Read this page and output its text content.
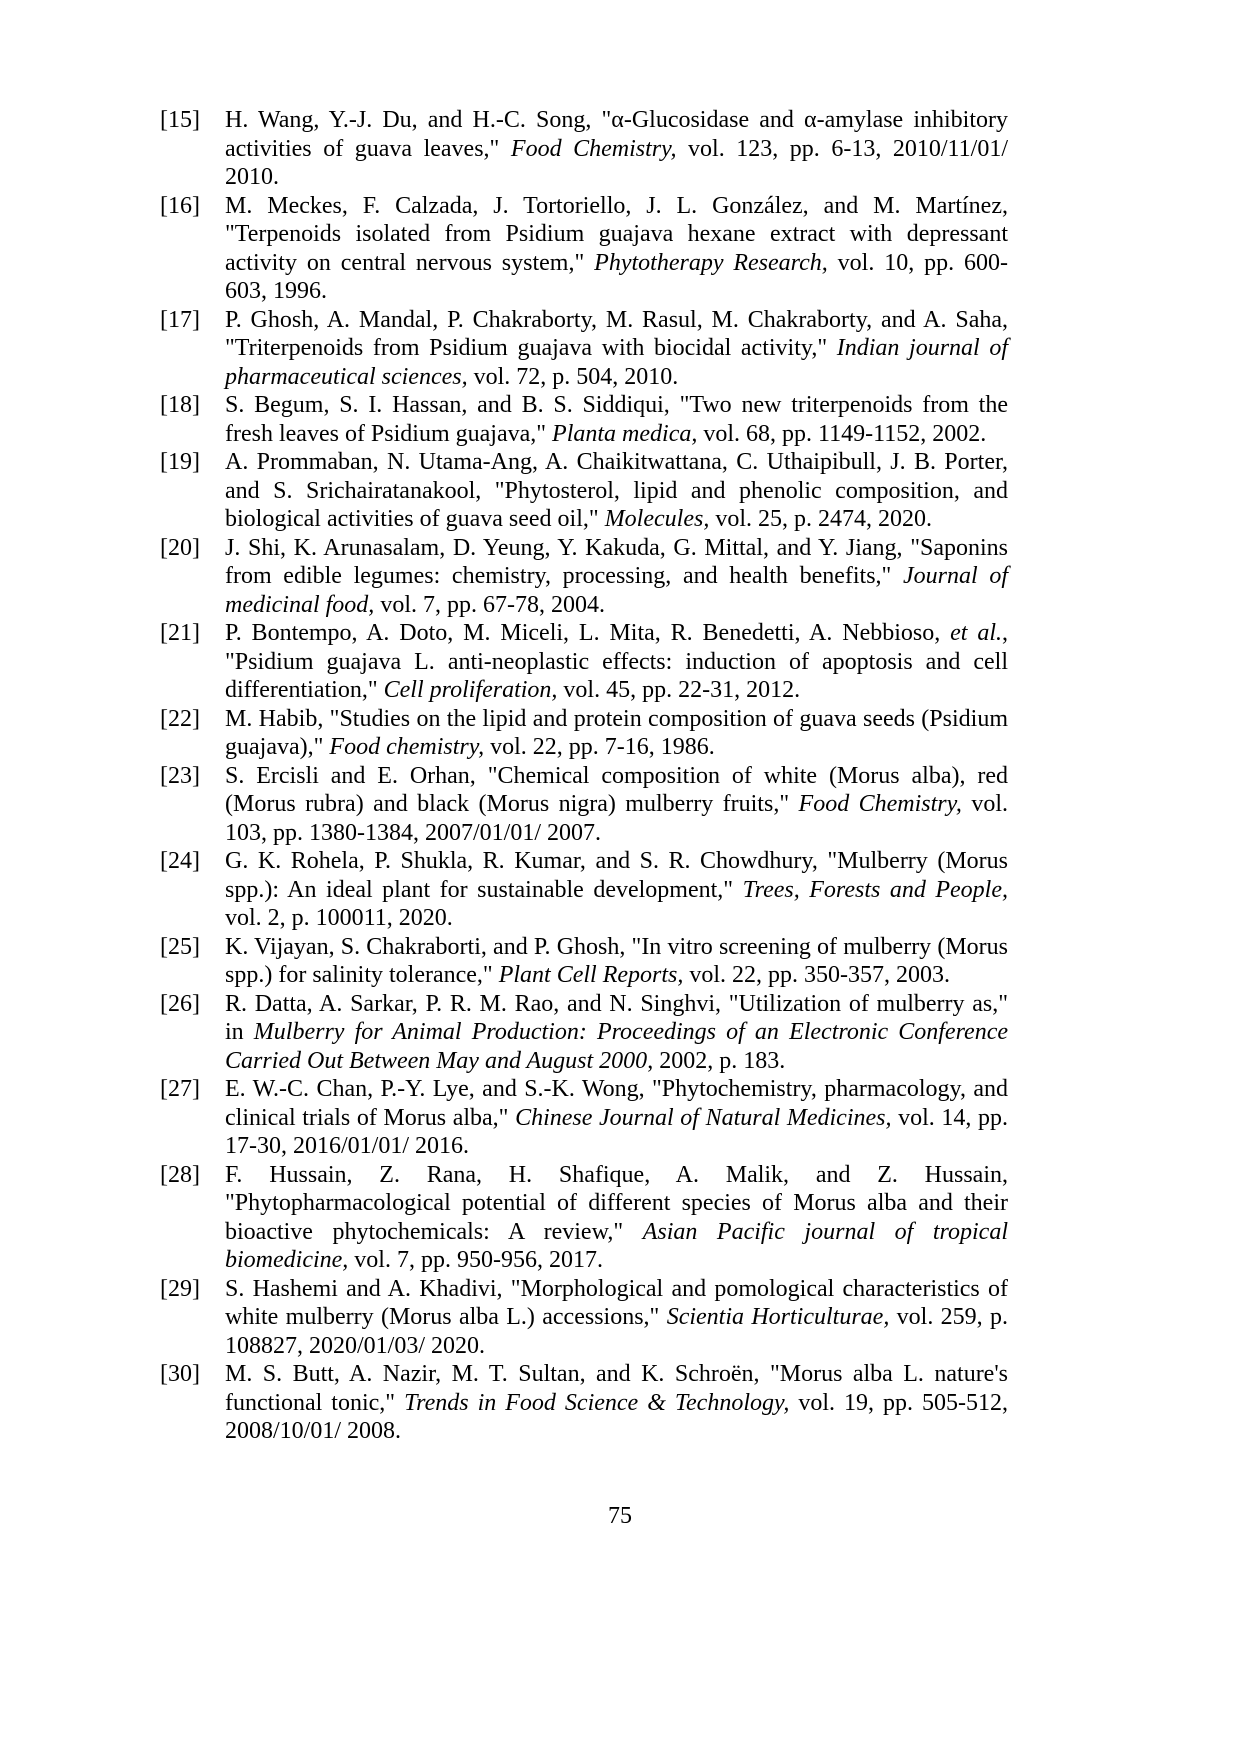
[15]	H. Wang, Y.-J. Du, and H.-C. Song, "α-Glucosidase and α-amylase inhibitory activities of guava leaves," Food Chemistry, vol. 123, pp. 6-13, 2010/11/01/ 2010.
[16]	M. Meckes, F. Calzada, J. Tortoriello, J. L. González, and M. Martínez, "Terpenoids isolated from Psidium guajava hexane extract with depressant activity on central nervous system," Phytotherapy Research, vol. 10, pp. 600-603, 1996.
[17]	P. Ghosh, A. Mandal, P. Chakraborty, M. Rasul, M. Chakraborty, and A. Saha, "Triterpenoids from Psidium guajava with biocidal activity," Indian journal of pharmaceutical sciences, vol. 72, p. 504, 2010.
[18]	S. Begum, S. I. Hassan, and B. S. Siddiqui, "Two new triterpenoids from the fresh leaves of Psidium guajava," Planta medica, vol. 68, pp. 1149-1152, 2002.
[19]	A. Prommaban, N. Utama-Ang, A. Chaikitwattana, C. Uthaipibull, J. B. Porter, and S. Srichairatanakool, "Phytosterol, lipid and phenolic composition, and biological activities of guava seed oil," Molecules, vol. 25, p. 2474, 2020.
[20]	J. Shi, K. Arunasalam, D. Yeung, Y. Kakuda, G. Mittal, and Y. Jiang, "Saponins from edible legumes: chemistry, processing, and health benefits," Journal of medicinal food, vol. 7, pp. 67-78, 2004.
[21]	P. Bontempo, A. Doto, M. Miceli, L. Mita, R. Benedetti, A. Nebbioso, et al., "Psidium guajava L. anti-neoplastic effects: induction of apoptosis and cell differentiation," Cell proliferation, vol. 45, pp. 22-31, 2012.
[22]	M. Habib, "Studies on the lipid and protein composition of guava seeds (Psidium guajava)," Food chemistry, vol. 22, pp. 7-16, 1986.
[23]	S. Ercisli and E. Orhan, "Chemical composition of white (Morus alba), red (Morus rubra) and black (Morus nigra) mulberry fruits," Food Chemistry, vol. 103, pp. 1380-1384, 2007/01/01/ 2007.
[24]	G. K. Rohela, P. Shukla, R. Kumar, and S. R. Chowdhury, "Mulberry (Morus spp.): An ideal plant for sustainable development," Trees, Forests and People, vol. 2, p. 100011, 2020.
[25]	K. Vijayan, S. Chakraborti, and P. Ghosh, "In vitro screening of mulberry (Morus spp.) for salinity tolerance," Plant Cell Reports, vol. 22, pp. 350-357, 2003.
[26]	R. Datta, A. Sarkar, P. R. M. Rao, and N. Singhvi, "Utilization of mulberry as," in Mulberry for Animal Production: Proceedings of an Electronic Conference Carried Out Between May and August 2000, 2002, p. 183.
[27]	E. W.-C. Chan, P.-Y. Lye, and S.-K. Wong, "Phytochemistry, pharmacology, and clinical trials of Morus alba," Chinese Journal of Natural Medicines, vol. 14, pp. 17-30, 2016/01/01/ 2016.
[28]	F. Hussain, Z. Rana, H. Shafique, A. Malik, and Z. Hussain, "Phytopharmacological potential of different species of Morus alba and their bioactive phytochemicals: A review," Asian Pacific journal of tropical biomedicine, vol. 7, pp. 950-956, 2017.
[29]	S. Hashemi and A. Khadivi, "Morphological and pomological characteristics of white mulberry (Morus alba L.) accessions," Scientia Horticulturae, vol. 259, p. 108827, 2020/01/03/ 2020.
[30]	M. S. Butt, A. Nazir, M. T. Sultan, and K. Schroën, "Morus alba L. nature's functional tonic," Trends in Food Science & Technology, vol. 19, pp. 505-512, 2008/10/01/ 2008.
75
